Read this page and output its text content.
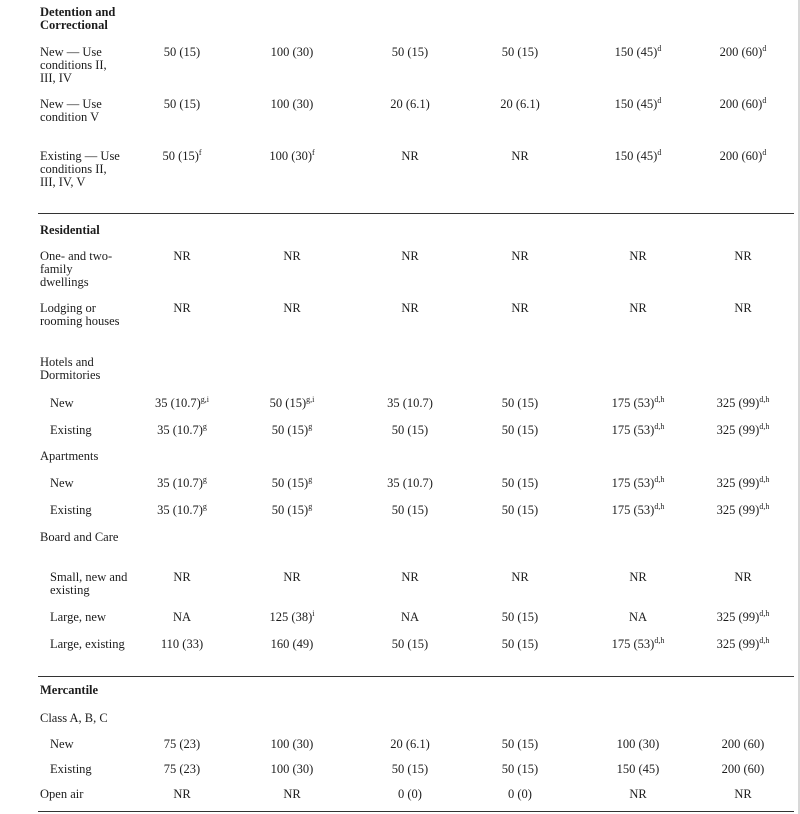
Detention and Correctional
New — Use conditions II, III, IV
50 (15)	100 (30)	50 (15)	50 (15)	150 $(45)^d$	200 $(60)^d$
New — Use condition V
50 (15)	100 (30)	20 (6.1)	20 (6.1)	150 $(45)^d$	200 $(60)^d$
Existing — Use conditions II, III, IV, V
50 $(15)^f$	100 $(30)^f$	NR	NR	150 $(45)^d$	200 $(60)^d$
Residential
One- and two-family dwellings
NR	NR	NR	NR	NR	NR
Lodging or rooming houses
NR	NR	NR	NR	NR	NR
Hotels and Dormitories
New	35 $(10.7)^{g,i}$	50 $(15)^{g,i}$	35 (10.7)	50 (15)	175 $(53)^{d,h}$	325 $(99)^{d,h}$
Existing	35 $(10.7)^g$	50 $(15)^g$	50 (15)	50 (15)	175 $(53)^{d,h}$	325 $(99)^{d,h}$
Apartments
New	35 $(10.7)^g$	50 $(15)^g$	35 (10.7)	50 (15)	175 $(53)^{d,h}$	325 $(99)^{d,h}$
Existing	35 $(10.7)^g$	50 $(15)^g$	50 (15)	50 (15)	175 $(53)^{d,h}$	325 $(99)^{d,h}$
Board and Care
Small, new and existing
NR	NR	NR	NR	NR	NR
Large, new	NA	125 $(38)^i$	NA	50 (15)	NA	325 $(99)^{d,h}$
Large, existing	110 (33)	160 (49)	50 (15)	50 (15)	175 $(53)^{d,h}$	325 $(99)^{d,h}$
Mercantile
Class A, B, C
New	75 (23)	100 (30)	20 (6.1)	50 (15)	100 (30)	200 (60)
Existing	75 (23)	100 (30)	50 (15)	50 (15)	150 (45)	200 (60)
Open air	NR	NR	0 (0)	0 (0)	NR	NR
